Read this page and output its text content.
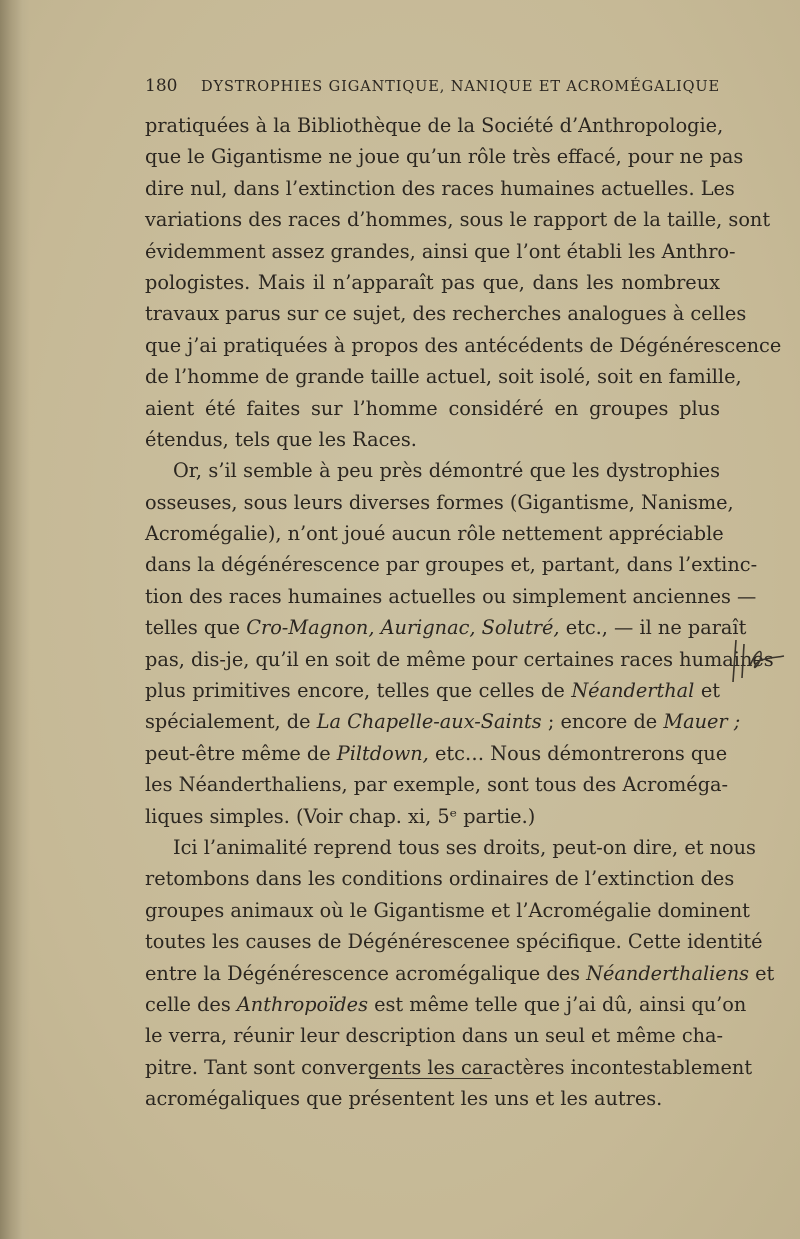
180 DYSTROPHIES GIGANTIQUE, NANIQUE ET ACROMÉGALIQUE
pratiquées à la Bibliothèque de la Société d’Anthropologie,
que le Gigantisme ne joue qu’un rôle très effacé, pour ne pas
dire nul, dans l’extinction des races humaines actuelles. Les
variations des races d’hommes, sous le rapport de la taille, sont
évidemment assez grandes, ainsi que l’ont établi les Anthro-
pologistes. Mais il n’apparaît pas que, dans les nombreux
travaux parus sur ce sujet, des recherches analogues à celles
que j’ai pratiquées à propos des antécédents de Dégénérescence
de l’homme de grande taille actuel, soit isolé, soit en famille,
aient été faites sur l’homme considéré en groupes plus
étendus, tels que les Races.
Or, s’il semble à peu près démontré que les dystrophies
osseuses, sous leurs diverses formes (Gigantisme, Nanisme,
Acromégalie), n’ont joué aucun rôle nettement appréciable
dans la dégénérescence par groupes et, partant, dans l’extinc-
tion des races humaines actuelles ou simplement anciennes —
telles que Cro-Magnon, Aurignac, Solutré, etc., — il ne paraît
pas, dis-je, qu’il en soit de même pour certaines races humaines
plus primitives encore, telles que celles de Néanderthal et
spécialement, de La Chapelle-aux-Saints ; encore de Mauer ;
peut-être même de Piltdown, etc… Nous démontrerons que
les Néanderthaliens, par exemple, sont tous des Acroméga-
liques simples. (Voir chap. xi, 5ᵉ partie.)
Ici l’animalité reprend tous ses droits, peut-on dire, et nous
retombons dans les conditions ordinaires de l’extinction des
groupes animaux où le Gigantisme et l’Acromégalie dominent
toutes les causes de Dégénérescenee spécifique. Cette identité
entre la Dégénérescence acromégalique des Néanderthaliens et
celle des Anthropoïdes est même telle que j’ai dû, ainsi qu’on
le verra, réunir leur description dans un seul et même cha-
pitre. Tant sont convergents les caractères incontestablement
acromégaliques que présentent les uns et les autres.
